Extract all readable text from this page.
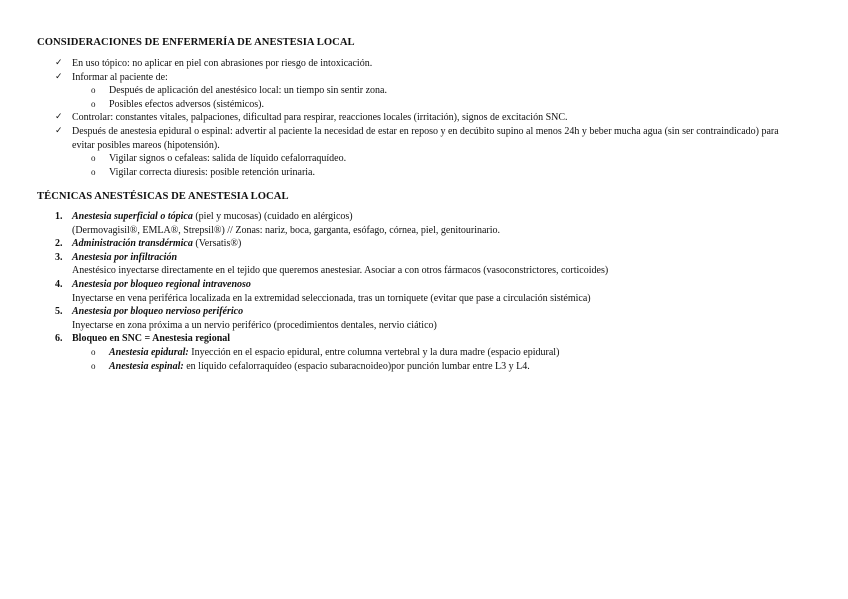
CONSIDERACIONES DE ENFERMERÍA DE ANESTESIA LOCAL
✓ En uso tópico: no aplicar en piel con abrasiones por riesgo de intoxicación.
✓ Informar al paciente de:
o Después de aplicación del anestésico local: un tiempo sin sentir zona.
o Posibles efectos adversos (sistémicos).
✓ Controlar: constantes vitales, palpaciones, dificultad para respirar, reacciones locales (irritación), signos de excitación SNC.
✓ Después de anestesia epidural o espinal: advertir al paciente la necesidad de estar en reposo y en decúbito supino al menos 24h y beber mucha agua (sin ser contraindicado) para evitar posibles mareos (hipotensión).
o Vigilar signos o cefaleas: salida de líquido cefalorraquídeo.
o Vigilar correcta diuresis: posible retención urinaria.
TÉCNICAS ANESTÉSICAS DE ANESTESIA LOCAL
1. Anestesia superficial o tópica (piel y mucosas) (cuidado en alérgicos)
(Dermovagisil®, EMLA®, Strepsil®) // Zonas: nariz, boca, garganta, esófago, córnea, piel, genitourinario.
2. Administración transdérmica (Versatis®)
3. Anestesia por infiltración
Anestésico inyectarse directamente en el tejido que queremos anestesiar. Asociar a con otros fármacos (vasoconstrictores, corticoides)
4. Anestesia por bloqueo regional intravenoso
Inyectarse en vena periférica localizada en la extremidad seleccionada, tras un torniquete (evitar que pase a circulación sistémica)
5. Anestesia por bloqueo nervioso periférico
Inyectarse en zona próxima a un nervio periférico (procedimientos dentales, nervio ciático)
6. Bloqueo en SNC = Anestesia regional
o Anestesia epidural: Inyección en el espacio epidural, entre columna vertebral y la dura madre (espacio epidural)
o Anestesia espinal: en líquido cefalorraquídeo (espacio subaracnoideo)por punción lumbar entre L3 y L4.
